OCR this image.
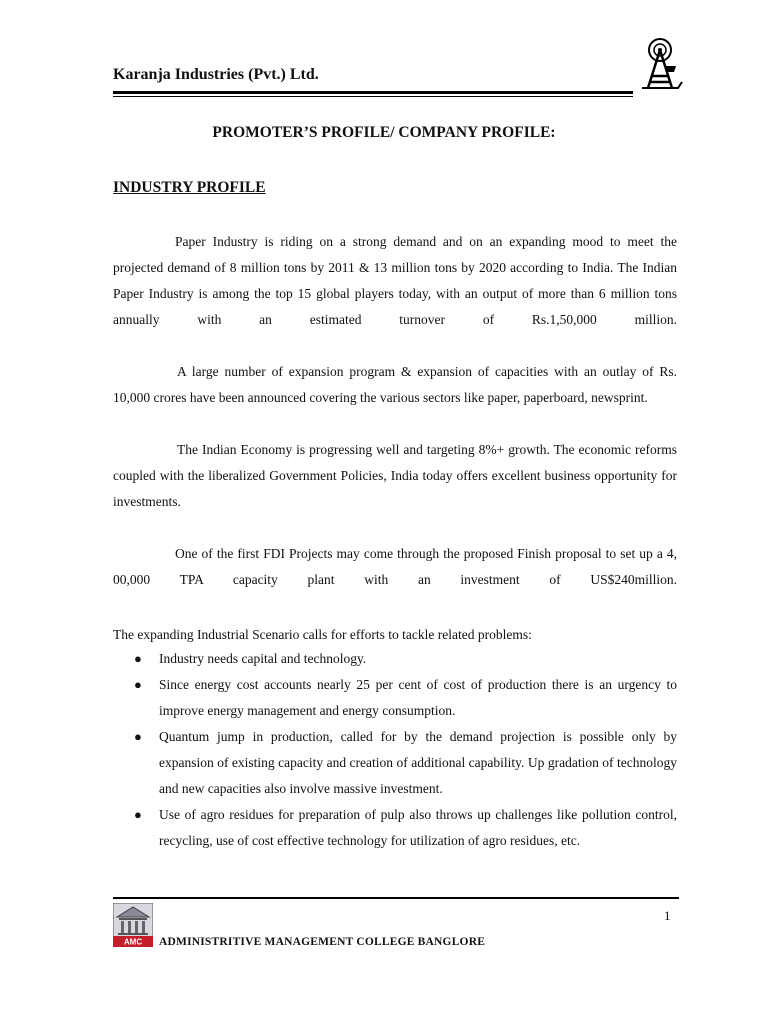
Karanja Industries (Pvt.) Ltd.
PROMOTER’S PROFILE/ COMPANY PROFILE:
INDUSTRY PROFILE

Paper Industry is riding on a strong demand and on an expanding mood to meet the projected demand of 8 million tons by 2011 & 13 million tons by 2020 according to India. The Indian Paper Industry is among the top 15 global players today, with an output of more than 6 million tons annually with an estimated turnover of Rs.1,50,000 million.

A large number of expansion program & expansion of capacities with an outlay of Rs. 10,000 crores have been announced covering the various sectors like paper, paperboard, newsprint.

The Indian Economy is progressing well and targeting 8%+ growth. The economic reforms coupled with the liberalized Government Policies, India today offers excellent business opportunity for investments.

One of the first FDI Projects may come through the proposed Finish proposal to set up a 4, 00,000 TPA capacity plant with an investment of US$240million.

The expanding Industrial Scenario calls for efforts to tackle related problems:
● Industry needs capital and technology.
● Since energy cost accounts nearly 25 per cent of cost of production there is an urgency to improve energy management and energy consumption.
● Quantum jump in production, called for by the demand projection is possible only by expansion of existing capacity and creation of additional capability. Up gradation of technology and new capacities also involve massive investment.
● Use of agro residues for preparation of pulp also throws up challenges like pollution control, recycling, use of cost effective technology for utilization of agro residues, etc.
1
AMC ADMINISTRITIVE MANAGEMENT COLLEGE BANGLORE
